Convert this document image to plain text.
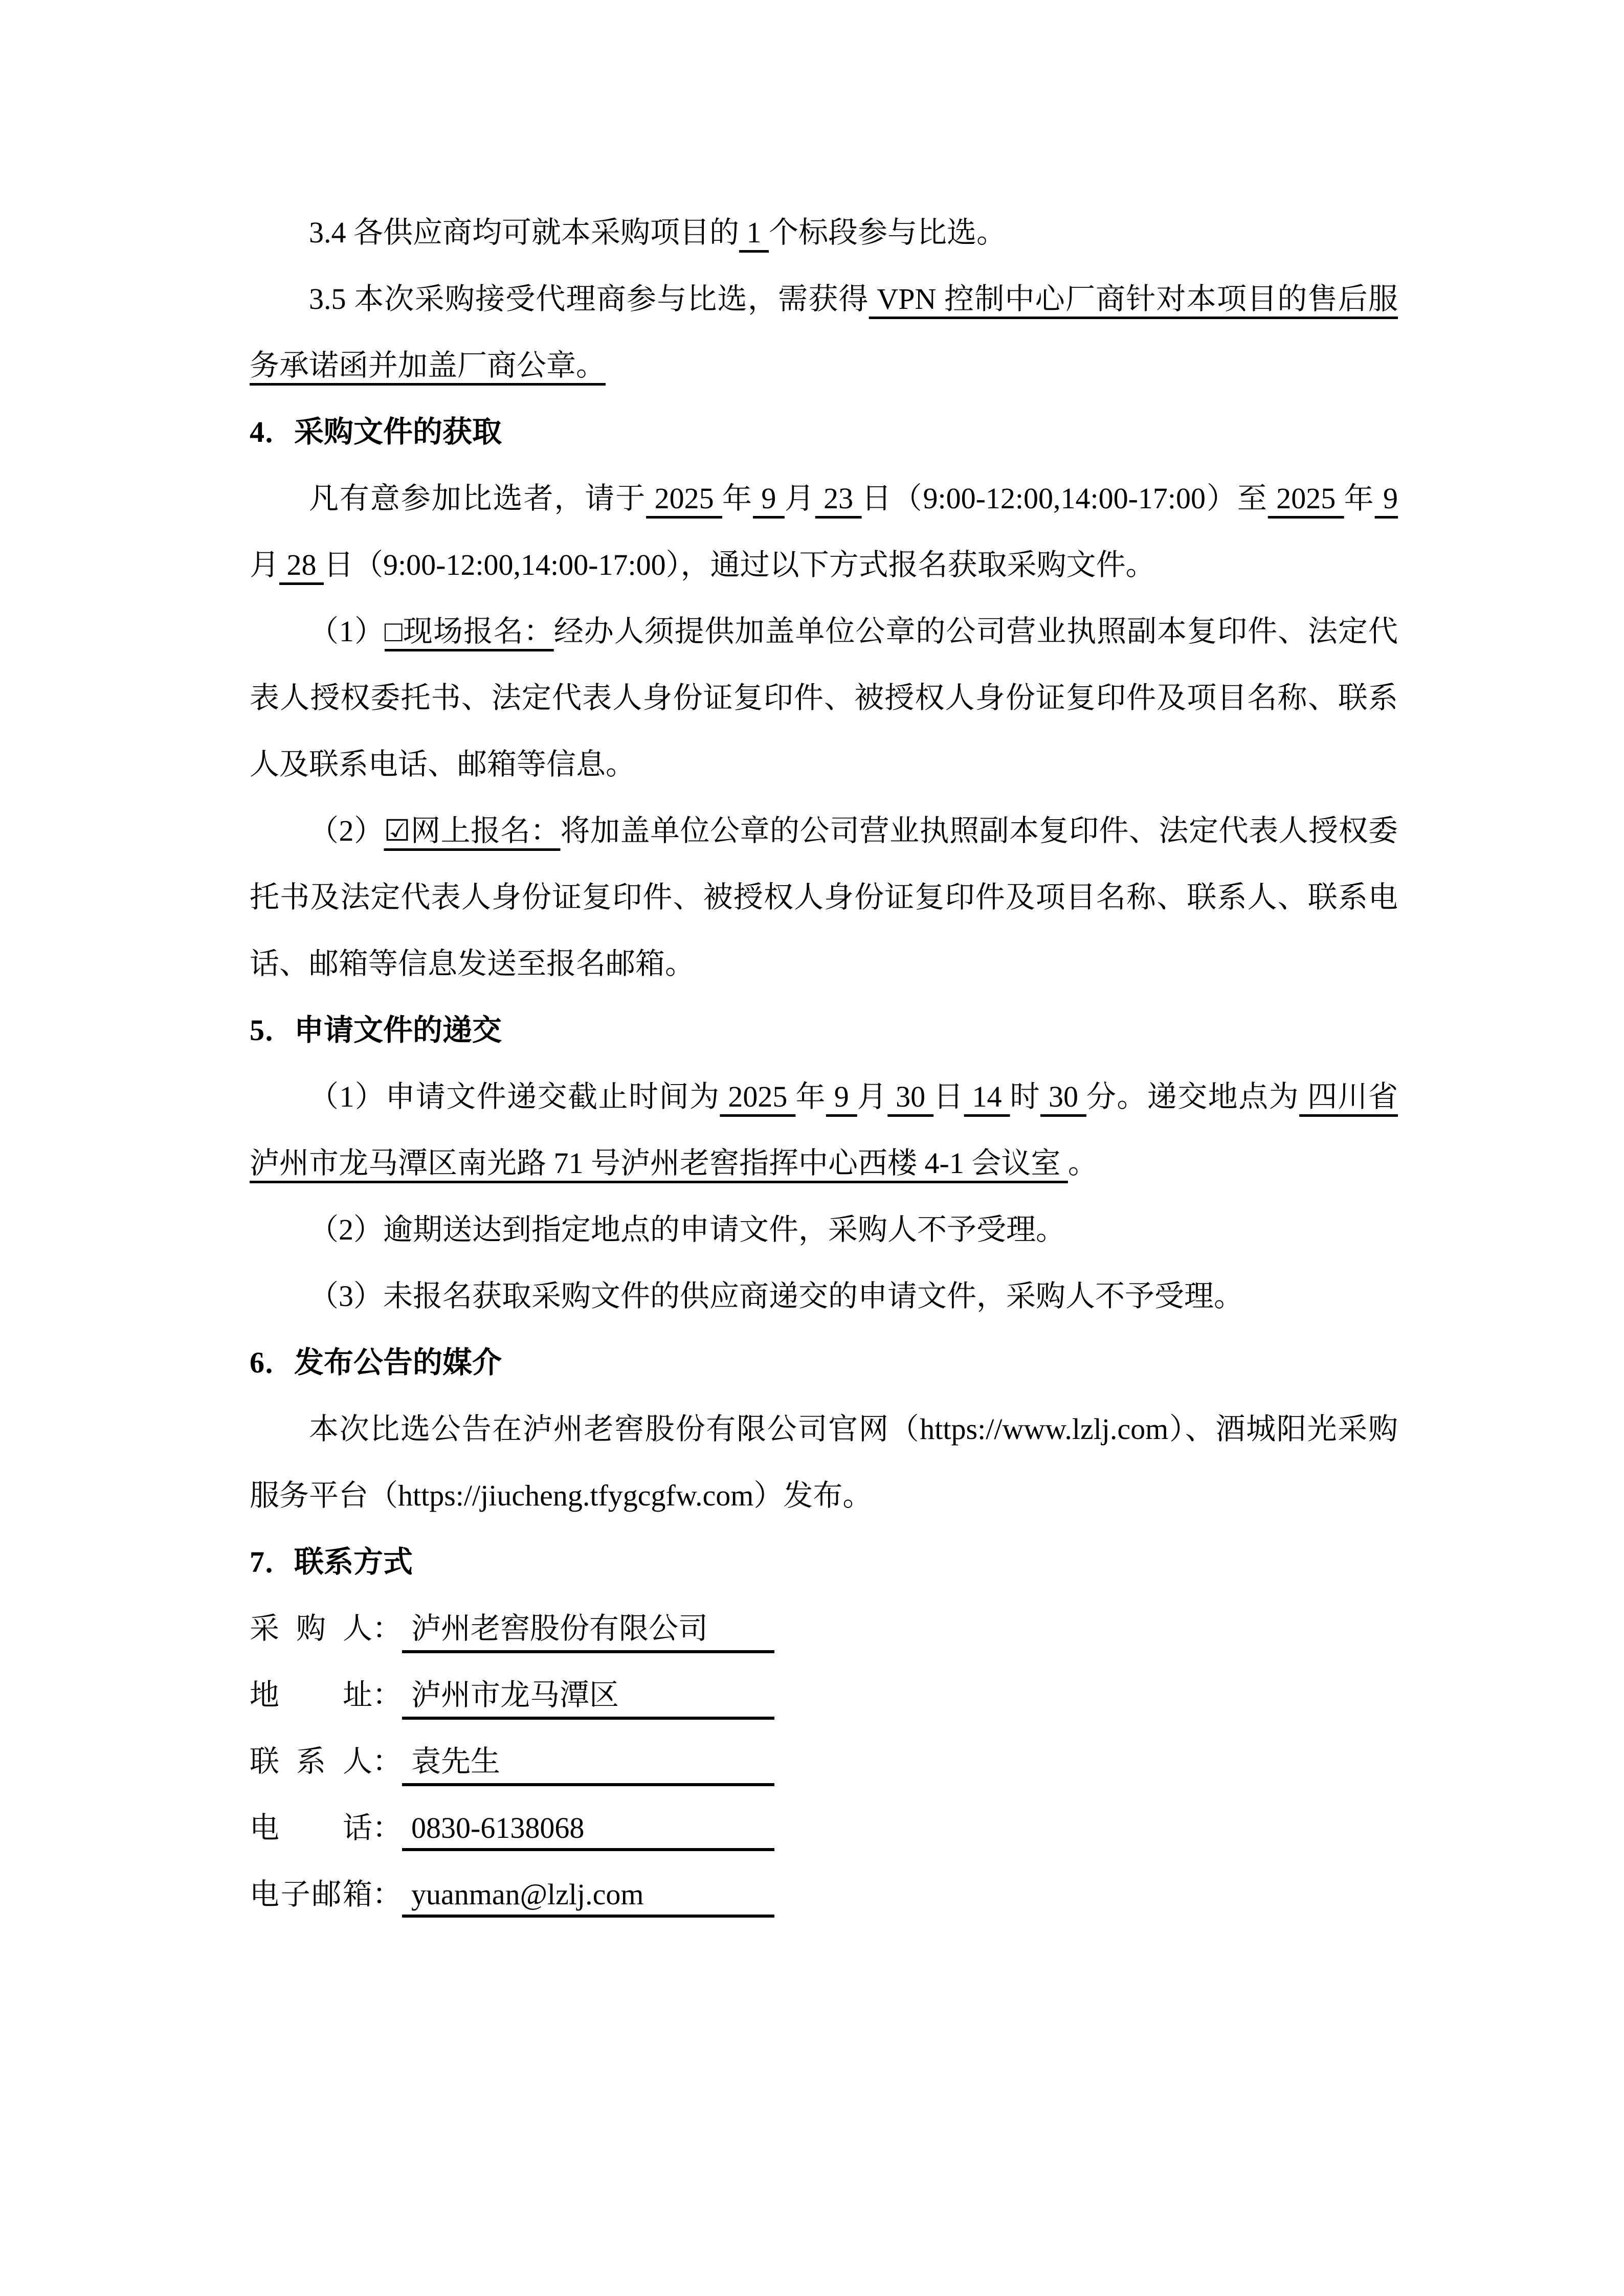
3.4 各供应商均可就本采购项目的 1 个标段参与比选。

3.5 本次采购接受代理商参与比选，需获得 VPN 控制中心厂商针对本项目的售后服务承诺函并加盖厂商公章。

4．采购文件的获取

凡有意参加比选者，请于 2025 年 9 月 23 日（9:00-12:00,14:00-17:00）至 2025 年 9 月 28 日（9:00-12:00,14:00-17:00），通过以下方式报名获取采购文件。

（1）□现场报名：经办人须提供加盖单位公章的公司营业执照副本复印件、法定代表人授权委托书、法定代表人身份证复印件、被授权人身份证复印件及项目名称、联系人及联系电话、邮箱等信息。

（2）☑网上报名：将加盖单位公章的公司营业执照副本复印件、法定代表人授权委托书及法定代表人身份证复印件、被授权人身份证复印件及项目名称、联系人、联系电话、邮箱等信息发送至报名邮箱。

5．申请文件的递交

（1）申请文件递交截止时间为 2025 年 9 月 30 日 14 时 30 分。递交地点为 四川省泸州市龙马潭区南光路 71 号泸州老窖指挥中心西楼 4-1 会议室 。

（2）逾期送达到指定地点的申请文件，采购人不予受理。

（3）未报名获取采购文件的供应商递交的申请文件，采购人不予受理。

6．发布公告的媒介

本次比选公告在泸州老窖股份有限公司官网（https://www.lzlj.com）、酒城阳光采购服务平台（https://jiucheng.tfygcgfw.com）发布。

7．联系方式

采购人： 泸州老窖股份有限公司
地址： 泸州市龙马潭区
联系人： 袁先生
电话： 0830-6138068
电子邮箱： yuanman@lzlj.com
